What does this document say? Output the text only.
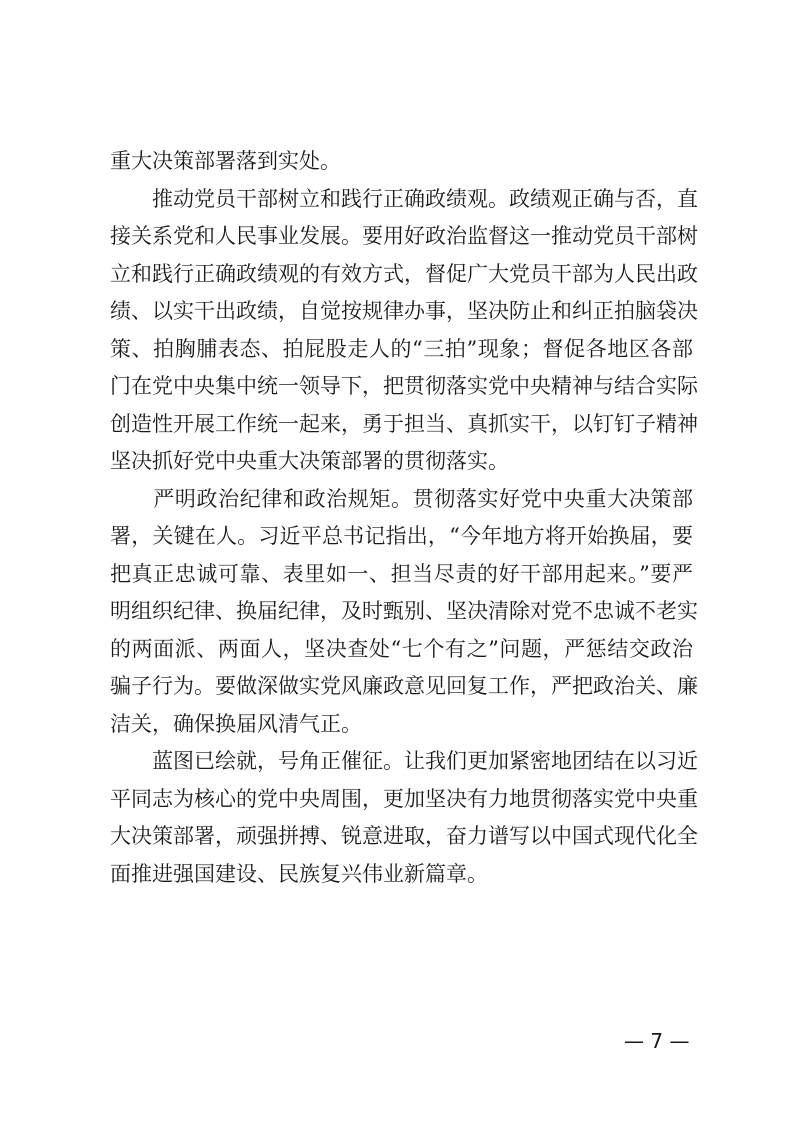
重大决策部署落到实处。
　　推动党员干部树立和践行正确政绩观。政绩观正确与否，直
接关系党和人民事业发展。要用好政治监督这一推动党员干部树
立和践行正确政绩观的有效方式，督促广大党员干部为人民出政
绩、以实干出政绩，自觉按规律办事，坚决防止和纠正拍脑袋决
策、拍胸脯表态、拍屁股走人的“三拍”现象；督促各地区各部
门在党中央集中统一领导下，把贯彻落实党中央精神与结合实际
创造性开展工作统一起来，勇于担当、真抓实干，以钉钉子精神
坚决抓好党中央重大决策部署的贯彻落实。
　　严明政治纪律和政治规矩。贯彻落实好党中央重大决策部
署，关键在人。习近平总书记指出，“今年地方将开始换届，要
把真正忠诚可靠、表里如一、担当尽责的好干部用起来。”要严
明组织纪律、换届纪律，及时甄别、坚决清除对党不忠诚不老实
的两面派、两面人，坚决查处“七个有之”问题，严惩结交政治
骗子行为。要做深做实党风廉政意见回复工作，严把政治关、廉
洁关，确保换届风清气正。
　　蓝图已绘就，号角正催征。让我们更加紧密地团结在以习近
平同志为核心的党中央周围，更加坚决有力地贯彻落实党中央重
大决策部署，顽强拼搏、锐意进取，奋力谱写以中国式现代化全
面推进强国建设、民族复兴伟业新篇章。
— 7 —
